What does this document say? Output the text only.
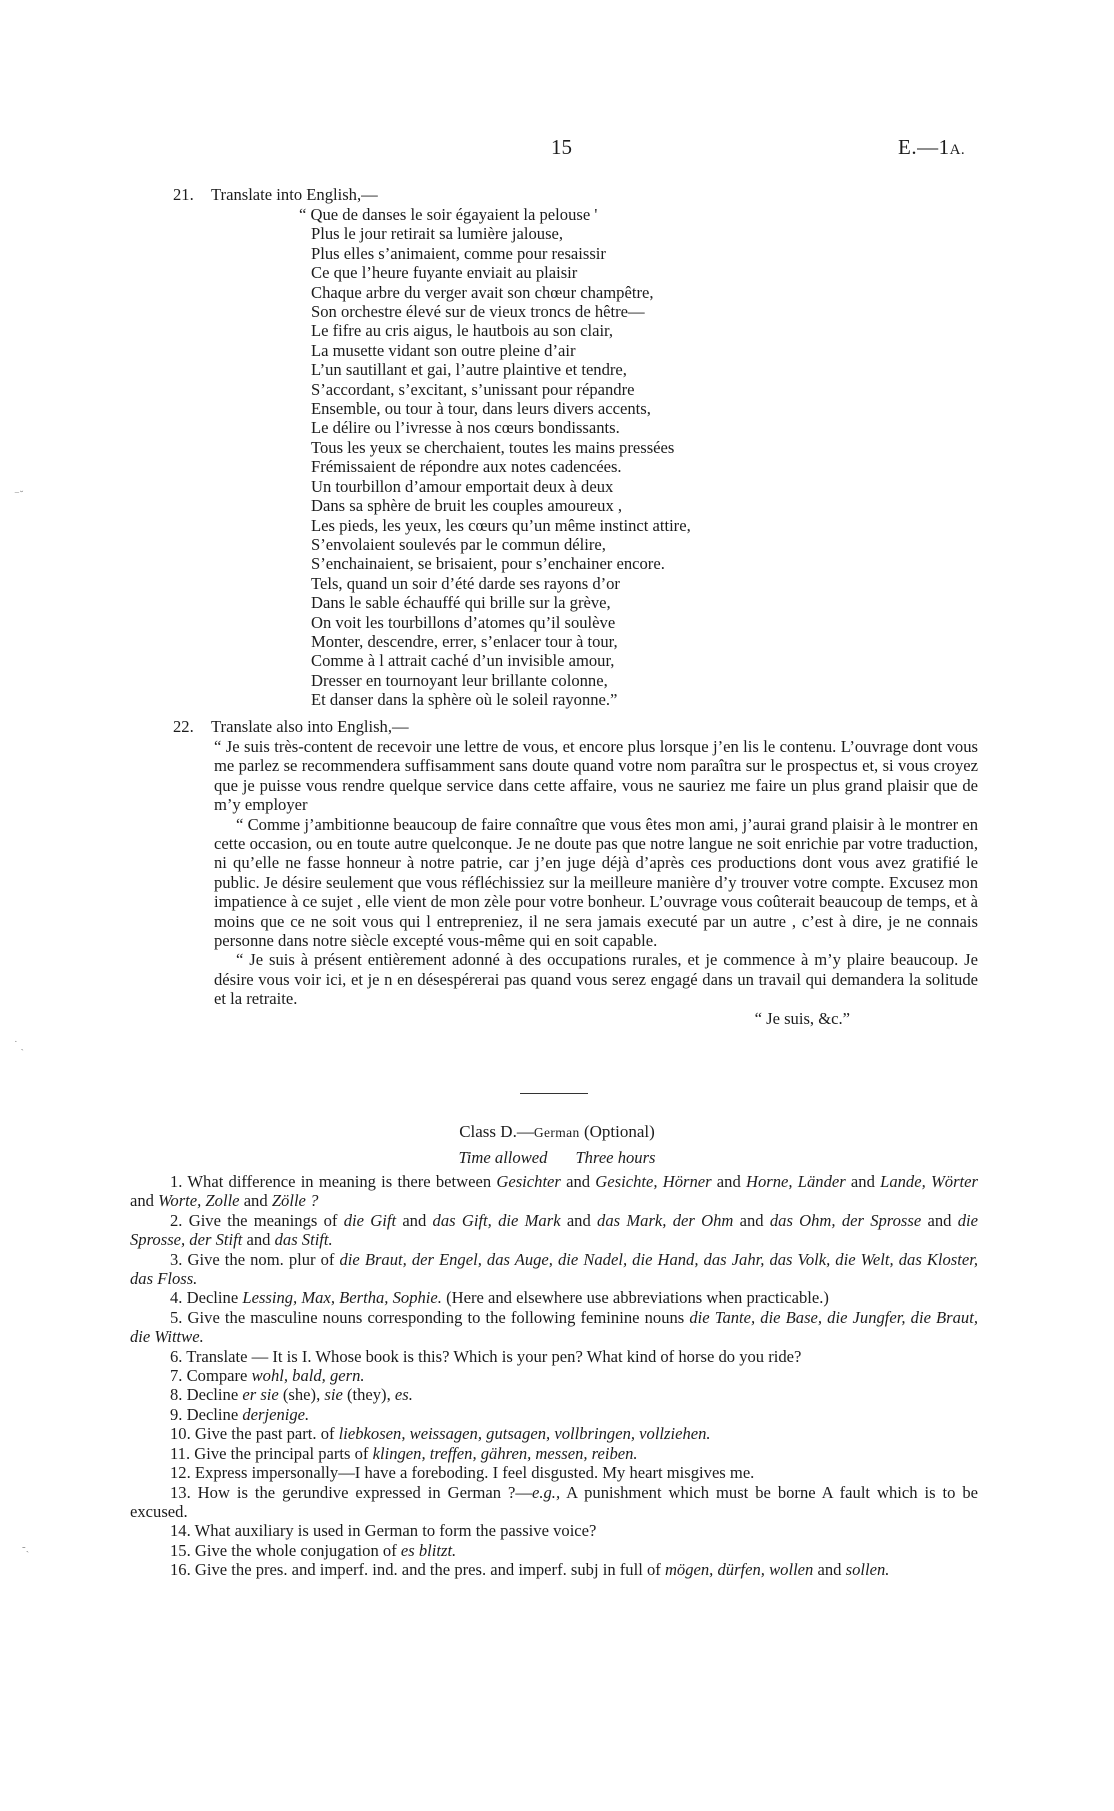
15	E.—1A.
21. Translate into English,—
“ Que de danses le soir égayaient la pelouse '
Plus le jour retirait sa lumière jalouse,
Plus elles s’animaient, comme pour resaissir
Ce que l’heure fuyante enviait au plaisir
Chaque arbre du verger avait son chœur champêtre,
Son orchestre élevé sur de vieux troncs de hêtre—
Le fifre au cris aigus, le hautbois au son clair,
La musette vidant son outre pleine d’air
L’un sautillant et gai, l’autre plaintive et tendre,
S’accordant, s’excitant, s’unissant pour répandre
Ensemble, ou tour à tour, dans leurs divers accents,
Le délire ou l’ivresse à nos cœurs bondissants.
Tous les yeux se cherchaient, toutes les mains pressées
Frémissaient de répondre aux notes cadencées.
Un tourbillon d’amour emportait deux à deux
Dans sa sphère de bruit les couples amoureux ,
Les pieds, les yeux, les cœurs qu’un même instinct attire,
S’envolaient soulevés par le commun délire,
S’enchainaient, se brisaient, pour s’enchainer encore.
Tels, quand un soir d’été darde ses rayons d’or
Dans le sable échauffé qui brille sur la grève,
On voit les tourbillons d’atomes qu’il soulève
Monter, descendre, errer, s’enlacer tour à tour,
Comme à l attrait caché d’un invisible amour,
Dresser en tournoyant leur brillante colonne,
Et danser dans la sphère où le soleil rayonne.”
22. Translate also into English,—
“ Je suis très-content de recevoir une lettre de vous, et encore plus lorsque j’en lis le contenu. L’ouvrage dont vous me parlez se recommendera suffisamment sans doute quand votre nom paraîtra sur le prospectus et, si vous croyez que je puisse vous rendre quelque service dans cette affaire, vous ne sauriez me faire un plus grand plaisir que de m’y employer
“ Comme j’ambitionne beaucoup de faire connaître que vous êtes mon ami, j’aurai grand plaisir à le montrer en cette occasion, ou en toute autre quelconque. Je ne doute pas que notre langue ne soit enrichie par votre traduction, ni qu’elle ne fasse honneur à notre patrie, car j’en juge déjà d’après ces productions dont vous avez gratifié le public. Je désire seulement que vous réfléchissiez sur la meilleure manière d’y trouver votre compte. Excusez mon impatience à ce sujet , elle vient de mon zèle pour votre bonheur. L’ouvrage vous coûterait beaucoup de temps, et à moins que ce ne soit vous qui l entrepreniez, il ne sera jamais executé par un autre , c’est à dire, je ne connais personne dans notre siècle excepté vous-même qui en soit capable.
“ Je suis à présent entièrement adonné à des occupations rurales, et je commence à m’y plaire beaucoup. Je désire vous voir ici, et je n en désespérerai pas quand vous serez engagé dans un travail qui demandera la solitude et la retraite.
“ Je suis, &c.”
Class D.—German (Optional)
Time allowed Three hours
1. What difference in meaning is there between Gesichter and Gesichte, Hörner and Horne, Länder and Lande, Wörter and Worte, Zolle and Zölle ?
2. Give the meanings of die Gift and das Gift, die Mark and das Mark, der Ohm and das Ohm, der Sprosse and die Sprosse, der Stift and das Stift.
3. Give the nom. plur of die Braut, der Engel, das Auge, die Nadel, die Hand, das Jahr, das Volk, die Welt, das Kloster, das Floss.
4. Decline Lessing, Max, Bertha, Sophie. (Here and elsewhere use abbreviations when practicable.)
5. Give the masculine nouns corresponding to the following feminine nouns die Tante, die Base, die Jungfer, die Braut, die Wittwe.
6. Translate — It is I. Whose book is this? Which is your pen? What kind of horse do you ride?
7. Compare wohl, bald, gern.
8. Decline er sie (she), sie (they), es.
9. Decline derjenige.
10. Give the past part. of liebkosen, weissagen, gutsagen, vollbringen, vollziehen.
11. Give the principal parts of klingen, treffen, gähren, messen, reiben.
12. Express impersonally—I have a foreboding. I feel disgusted. My heart misgives me.
13. How is the gerundive expressed in German ?—e.g., A punishment which must be borne A fault which is to be excused.
14. What auxiliary is used in German to form the passive voice?
15. Give the whole conjugation of es blitzt.
16. Give the pres. and imperf. ind. and the pres. and imperf. subj in full of mögen, dürfen, wollen and sollen.
⁻˘
˙ ˎ
‐ˎ
